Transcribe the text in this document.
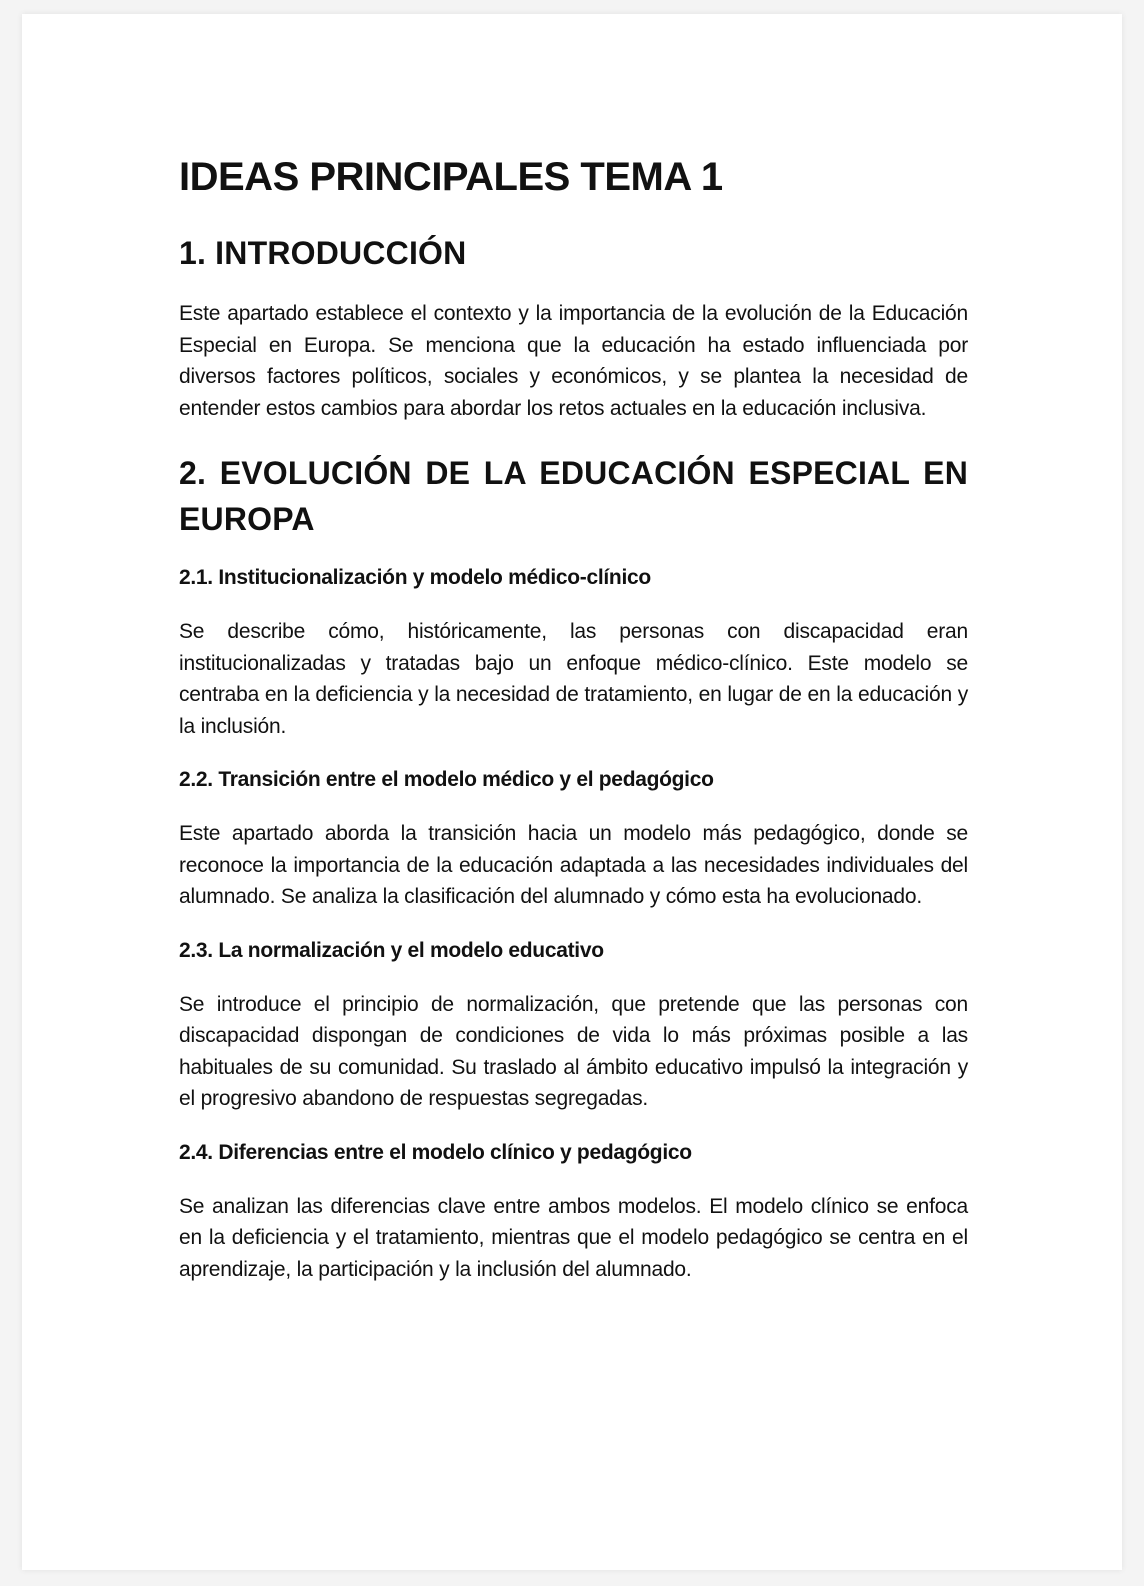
IDEAS PRINCIPALES TEMA 1
1. INTRODUCCIÓN

Este apartado establece el contexto y la importancia de la evolución de la Educación Especial en Europa. Se menciona que la educación ha estado influenciada por diversos factores políticos, sociales y económicos, y se plantea la necesidad de entender estos cambios para abordar los retos actuales en la educación inclusiva.

2. EVOLUCIÓN DE LA EDUCACIÓN ESPECIAL EN EUROPA
2.1. Institucionalización y modelo médico-clínico

Se describe cómo, históricamente, las personas con discapacidad eran institucionalizadas y tratadas bajo un enfoque médico-clínico. Este modelo se centraba en la deficiencia y la necesidad de tratamiento, en lugar de en la educación y la inclusión.

2.2. Transición entre el modelo médico y el pedagógico

Este apartado aborda la transición hacia un modelo más pedagógico, donde se reconoce la importancia de la educación adaptada a las necesidades individuales del alumnado. Se analiza la clasificación del alumnado y cómo esta ha evolucionado.

2.3. La normalización y el modelo educativo

Se introduce el principio de normalización, que pretende que las personas con discapacidad dispongan de condiciones de vida lo más próximas posible a las habituales de su comunidad. Su traslado al ámbito educativo impulsó la integración y el progresivo abandono de respuestas segregadas.

2.4. Diferencias entre el modelo clínico y pedagógico

Se analizan las diferencias clave entre ambos modelos. El modelo clínico se enfoca en la deficiencia y el tratamiento, mientras que el modelo pedagógico se centra en el aprendizaje, la participación y la inclusión del alumnado.
